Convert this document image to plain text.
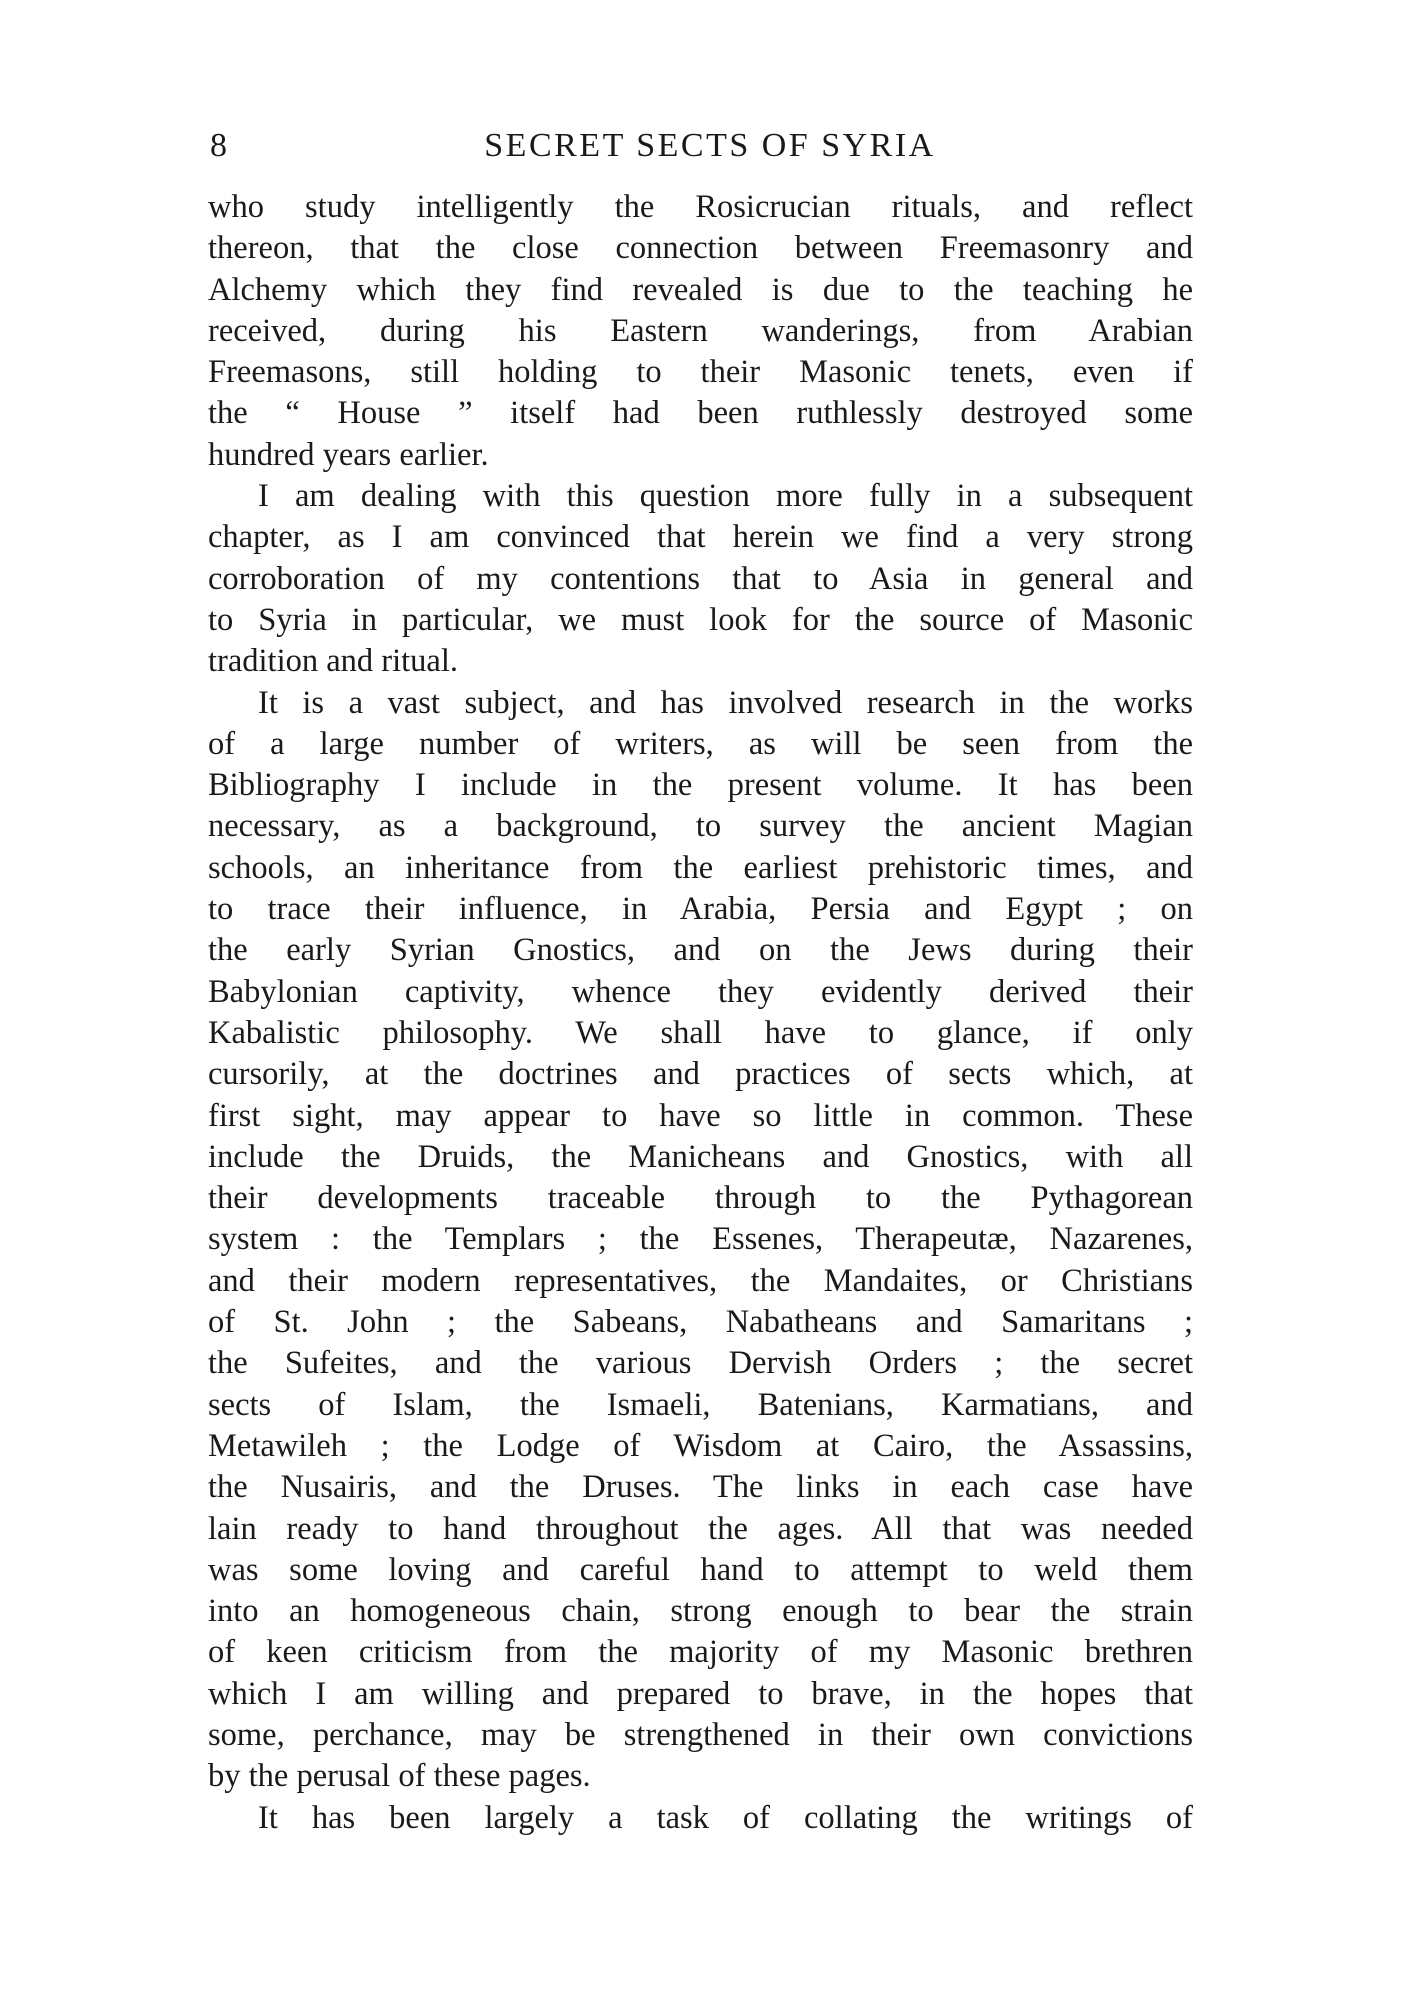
8	SECRET SECTS OF SYRIA
who study intelligently the Rosicrucian rituals, and reflect
thereon, that the close connection between Freemasonry and
Alchemy which they find revealed is due to the teaching he
received, during his Eastern wanderings, from Arabian
Freemasons, still holding to their Masonic tenets, even if
the “ House ” itself had been ruthlessly destroyed some
hundred years earlier.
I am dealing with this question more fully in a subsequent
chapter, as I am convinced that herein we find a very strong
corroboration of my contentions that to Asia in general and
to Syria in particular, we must look for the source of Masonic
tradition and ritual.
It is a vast subject, and has involved research in the works
of a large number of writers, as will be seen from the
Bibliography I include in the present volume. It has been
necessary, as a background, to survey the ancient Magian
schools, an inheritance from the earliest prehistoric times, and
to trace their influence, in Arabia, Persia and Egypt ; on
the early Syrian Gnostics, and on the Jews during their
Babylonian captivity, whence they evidently derived their
Kabalistic philosophy. We shall have to glance, if only
cursorily, at the doctrines and practices of sects which, at
first sight, may appear to have so little in common. These
include the Druids, the Manicheans and Gnostics, with all
their developments traceable through to the Pythagorean
system : the Templars ; the Essenes, Therapeutæ, Nazarenes,
and their modern representatives, the Mandaites, or Christians
of St. John ; the Sabeans, Nabatheans and Samaritans ;
the Sufeites, and the various Dervish Orders ; the secret
sects of Islam, the Ismaeli, Batenians, Karmatians, and
Metawileh ; the Lodge of Wisdom at Cairo, the Assassins,
the Nusairis, and the Druses. The links in each case have
lain ready to hand throughout the ages. All that was needed
was some loving and careful hand to attempt to weld them
into an homogeneous chain, strong enough to bear the strain
of keen criticism from the majority of my Masonic brethren
which I am willing and prepared to brave, in the hopes that
some, perchance, may be strengthened in their own convictions
by the perusal of these pages.
It has been largely a task of collating the writings of
